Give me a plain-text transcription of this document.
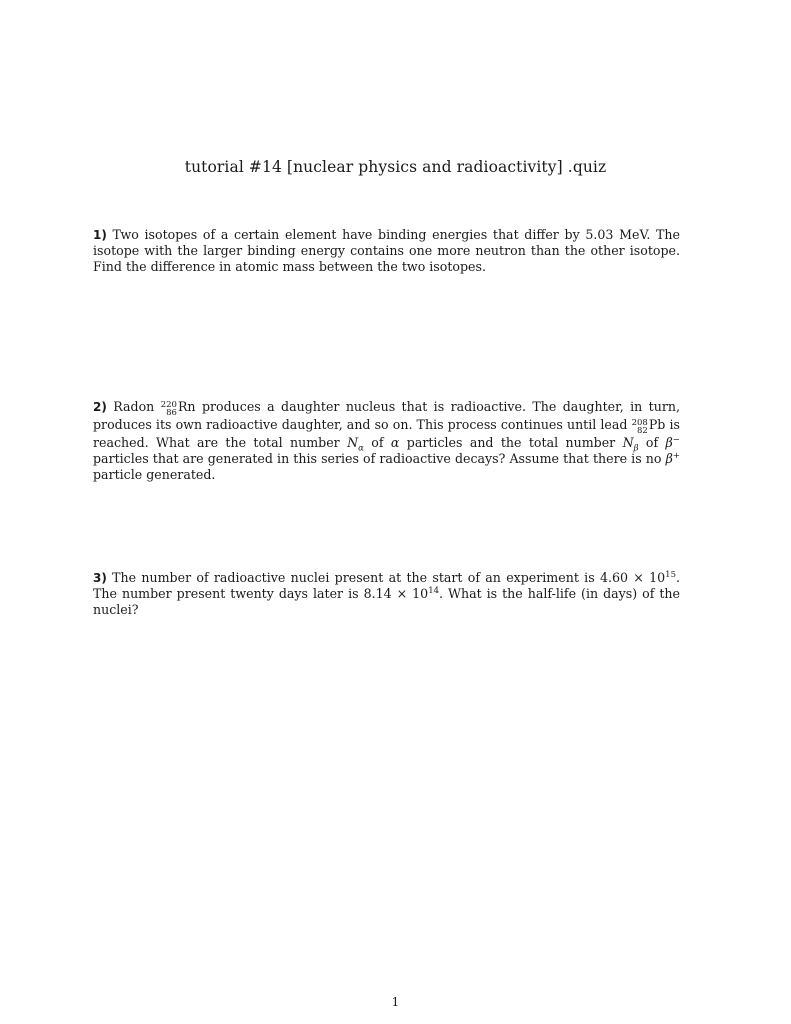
tutorial #14 [nuclear physics and radioactivity] .quiz
1) Two isotopes of a certain element have binding energies that differ by 5.03 MeV. The isotope with the larger binding energy contains one more neutron than the other isotope. Find the difference in atomic mass between the two isotopes.
2) Radon 220
86 Rn produces a daughter nucleus that is radioactive. The daughter, in turn, produces its own radioactive daughter, and so on. This process continues until lead 208
82 Pb is reached. What are the total number $N_\alpha$ of α particles and the total number $N_\beta$ of β− particles that are generated in this series of radioactive decays? Assume that there is no β+ particle generated.
3) The number of radioactive nuclei present at the start of an experiment is $4.60 \times 10^{15}$. The number present twenty days later is $8.14 \times 10^{14}$. What is the half-life (in days) of the nuclei?
1
